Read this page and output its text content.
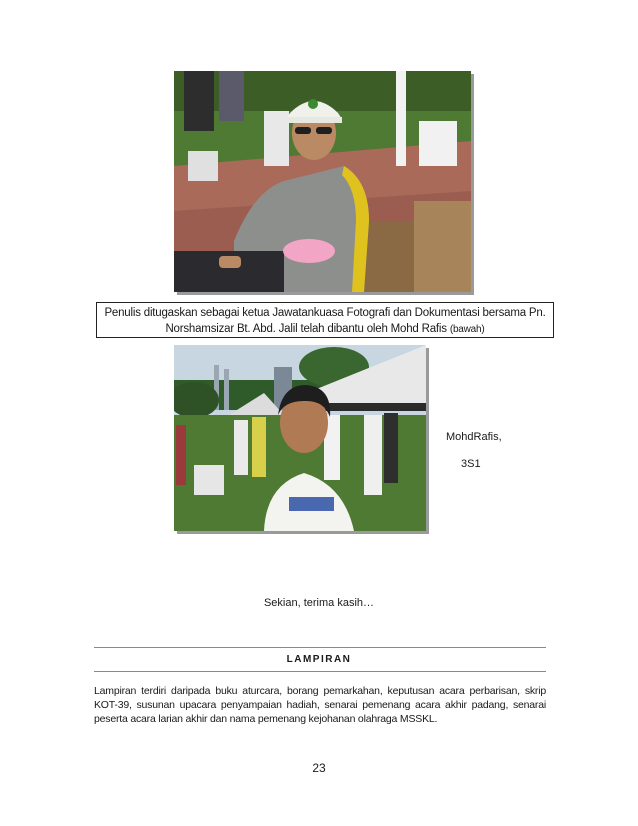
Penulis ditugaskan sebagai ketua Jawatankuasa Fotografi dan Dokumentasi bersama Pn. Norshamsizar Bt. Abd. Jalil telah dibantu oleh Mohd Rafis (bawah)
MohdRafis,
3S1
Sekian, terima kasih…
LAMPIRAN
Lampiran terdiri daripada buku aturcara, borang pemarkahan, keputusan acara perbarisan, skrip KOT-39, susunan upacara penyampaian hadiah, senarai pemenang acara akhir padang, senarai peserta acara larian akhir dan nama pemenang kejohanan olahraga MSSKL.
23
